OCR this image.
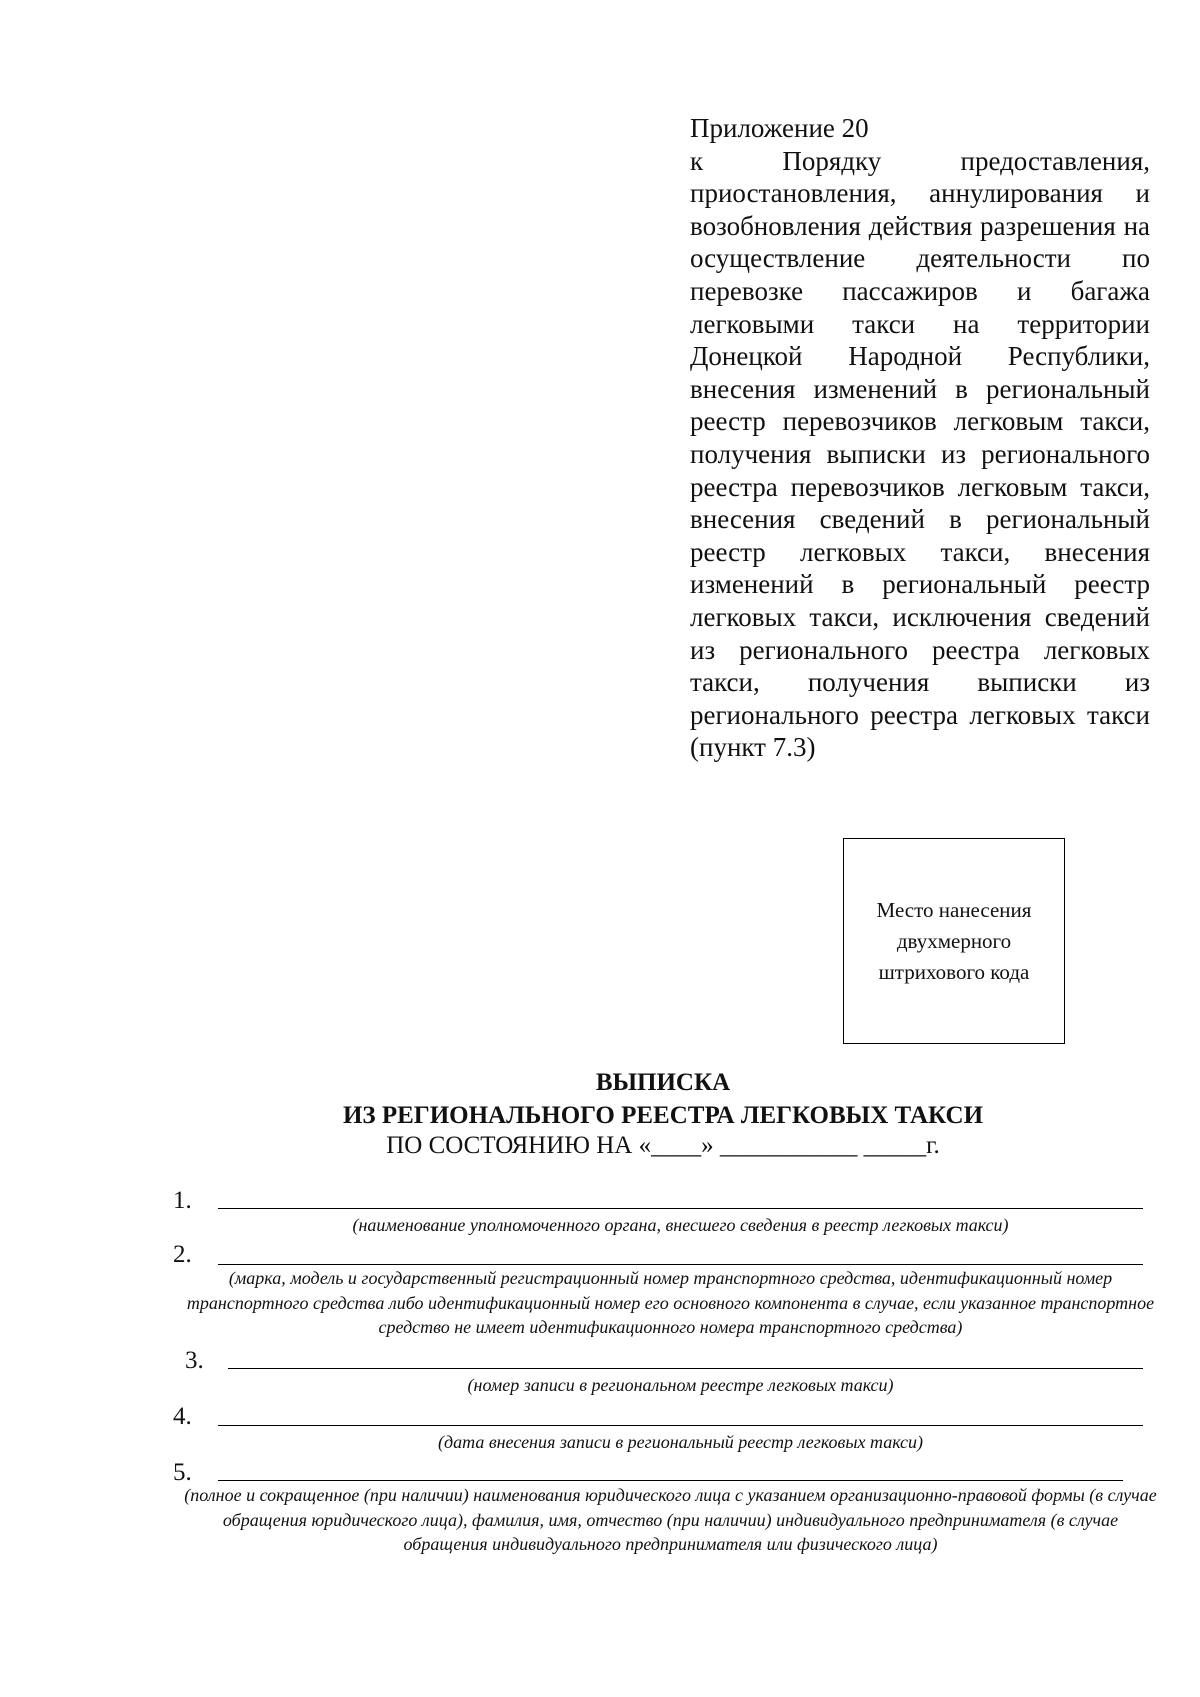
Приложение 20
к Порядку предоставления, приостановления, аннулирования и возобновления действия разрешения на осуществление деятельности по перевозке пассажиров и багажа легковыми такси на территории Донецкой Народной Республики, внесения изменений в региональный реестр перевозчиков легковым такси, получения выписки из регионального реестра перевозчиков легковым такси, внесения сведений в региональный реестр легковых такси, внесения изменений в региональный реестр легковых такси, исключения сведений из регионального реестра легковых такси, получения выписки из регионального реестра легковых такси (пункт 7.3)
Место нанесения двухмерного штрихового кода
ВЫПИСКА
ИЗ РЕГИОНАЛЬНОГО РЕЕСТРА ЛЕГКОВЫХ ТАКСИ
ПО СОСТОЯНИЮ НА «____» ___________ _____г.
1.
(наименование уполномоченного органа, внесшего сведения в реестр легковых такси)
2.
(марка, модель и государственный регистрационный номер транспортного средства, идентификационный номер транспортного средства либо идентификационный номер его основного компонента в случае, если указанное транспортное средство не имеет идентификационного номера транспортного средства)
3.
(номер записи в региональном реестре легковых такси)
4.
(дата внесения записи в региональный реестр легковых такси)
5.
(полное и сокращенное (при наличии) наименования юридического лица с указанием организационно-правовой формы (в случае обращения юридического лица), фамилия, имя, отчество (при наличии) индивидуального предпринимателя (в случае обращения индивидуального предпринимателя или физического лица)
